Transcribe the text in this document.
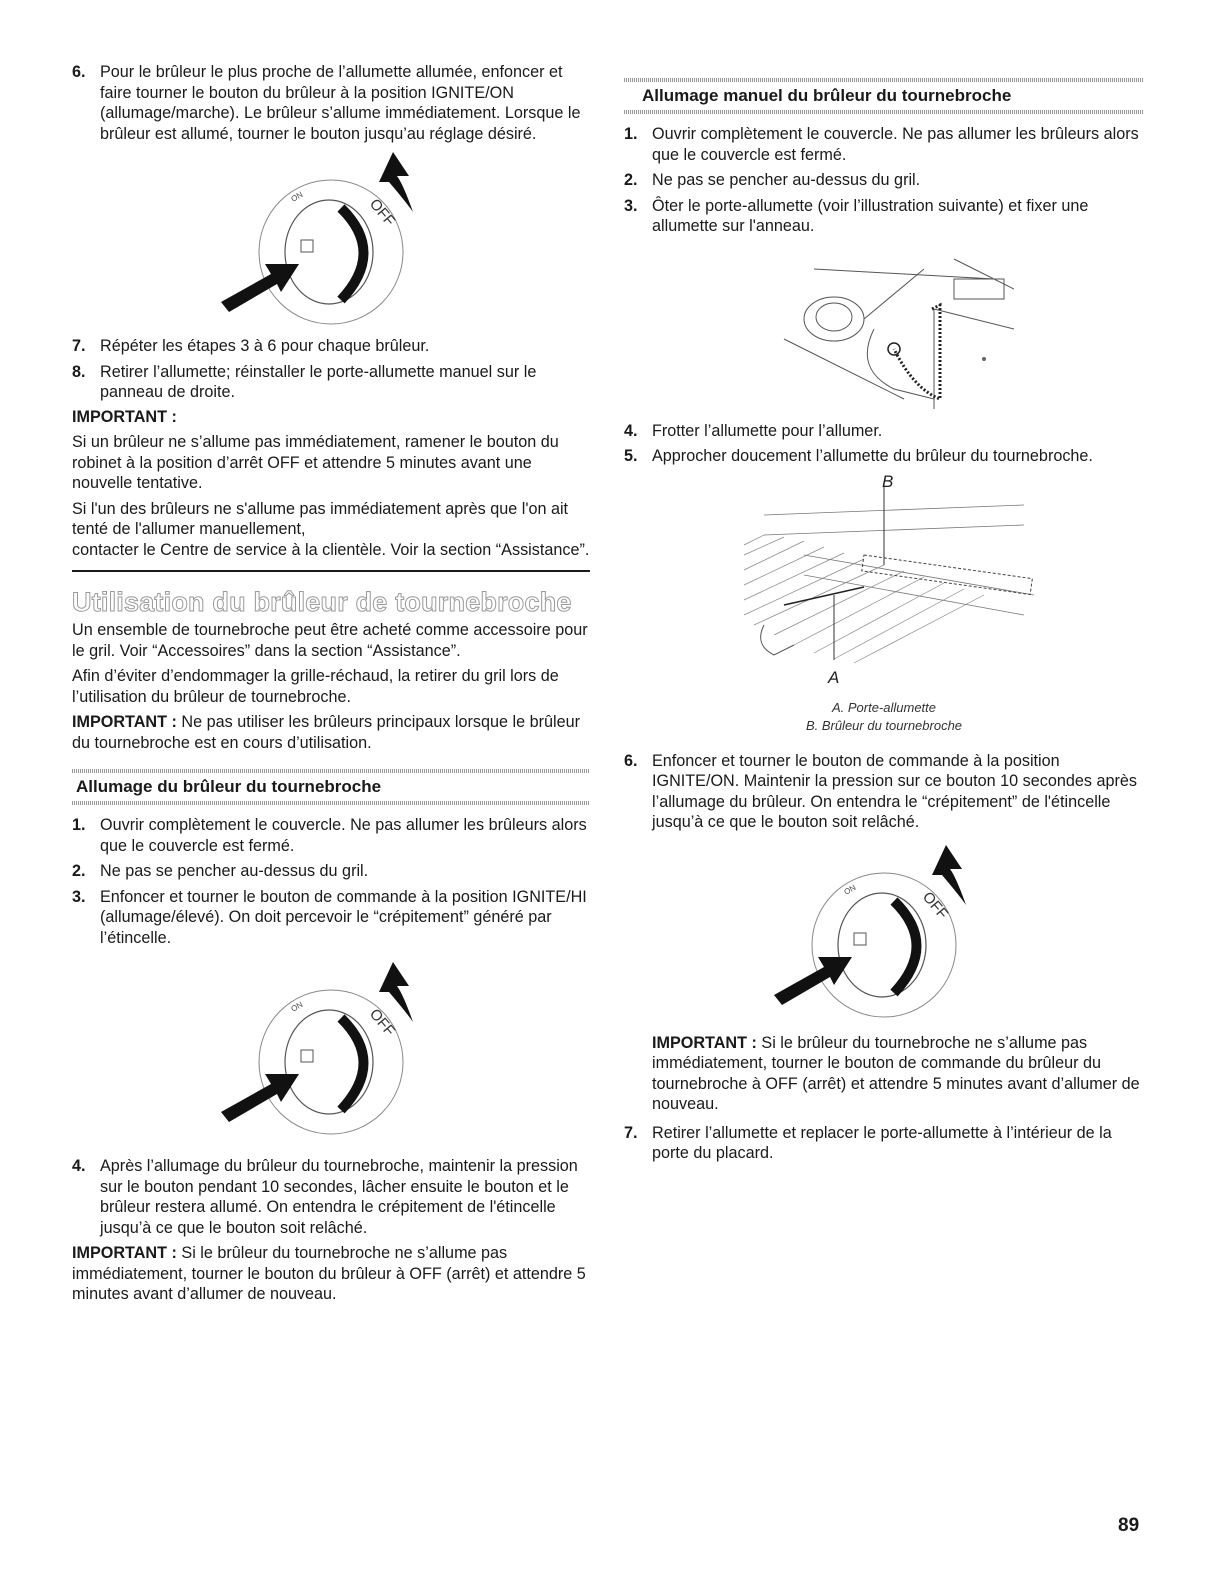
6. Pour le brûleur le plus proche de l’allumette allumée, enfoncer et faire tourner le bouton du brûleur à la position IGNITE/ON (allumage/marche). Le brûleur s’allume immédiatement. Lorsque le brûleur est allumé, tourner le bouton jusqu’au réglage désiré.
ON	OFF
7. Répéter les étapes 3 à 6 pour chaque brûleur.
8. Retirer l’allumette; réinstaller le porte-allumette manuel sur le panneau de droite.

IMPORTANT :

Si un brûleur ne s’allume pas immédiatement, ramener le bouton du robinet à la position d’arrêt OFF et attendre 5 minutes avant une nouvelle tentative.

Si l'un des brûleurs ne s'allume pas immédiatement après que l'on ait tenté de l'allumer manuellement,

contacter le Centre de service à la clientèle. Voir la section “Assistance”.

Utilisation du brûleur de tournebroche

Un ensemble de tournebroche peut être acheté comme accessoire pour le gril. Voir “Accessoires” dans la section “Assistance”.

Afin d’éviter d’endommager la grille-réchaud, la retirer du gril lors de l’utilisation du brûleur de tournebroche.

IMPORTANT : Ne pas utiliser les brûleurs principaux lorsque le brûleur du tournebroche est en cours d’utilisation.

Allumage du brûleur du tournebroche
1. Ouvrir complètement le couvercle. Ne pas allumer les brûleurs alors que le couvercle est fermé.
2. Ne pas se pencher au-dessus du gril.
3. Enfoncer et tourner le bouton de commande à la position IGNITE/HI (allumage/élevé). On doit percevoir le “crépitement” généré par l’étincelle.
ON	OFF
4. Après l’allumage du brûleur du tournebroche, maintenir la pression sur le bouton pendant 10 secondes, lâcher ensuite le bouton et le brûleur restera allumé. On entendra le crépitement de l'étincelle jusqu’à ce que le bouton soit relâché.

IMPORTANT : Si le brûleur du tournebroche ne s’allume pas immédiatement, tourner le bouton du brûleur à OFF (arrêt) et attendre 5 minutes avant d’allumer de nouveau.

Allumage manuel du brûleur du tournebroche
1. Ouvrir complètement le couvercle. Ne pas allumer les brûleurs alors que le couvercle est fermé.
2. Ne pas se pencher au-dessus du gril.
3. Ôter le porte-allumette (voir l’illustration suivante) et fixer une allumette sur l'anneau.
4. Frotter l’allumette pour l’allumer.
5. Approcher doucement l’allumette du brûleur du tournebroche.
B
A

A. Porte-allumette

B. Brûleur du tournebroche

6. Enfoncer et tourner le bouton de commande à la position IGNITE/ON. Maintenir la pression sur ce bouton 10 secondes après l’allumage du brûleur. On entendra le “crépitement” de l'étincelle jusqu’à ce que le bouton soit relâché.
ON	OFF

IMPORTANT : Si le brûleur du tournebroche ne s’allume pas immédiatement, tourner le bouton de commande du brûleur du tournebroche à OFF (arrêt) et attendre 5 minutes avant d’allumer de nouveau.

7. Retirer l’allumette et replacer le porte-allumette à l’intérieur de la porte du placard.
89
